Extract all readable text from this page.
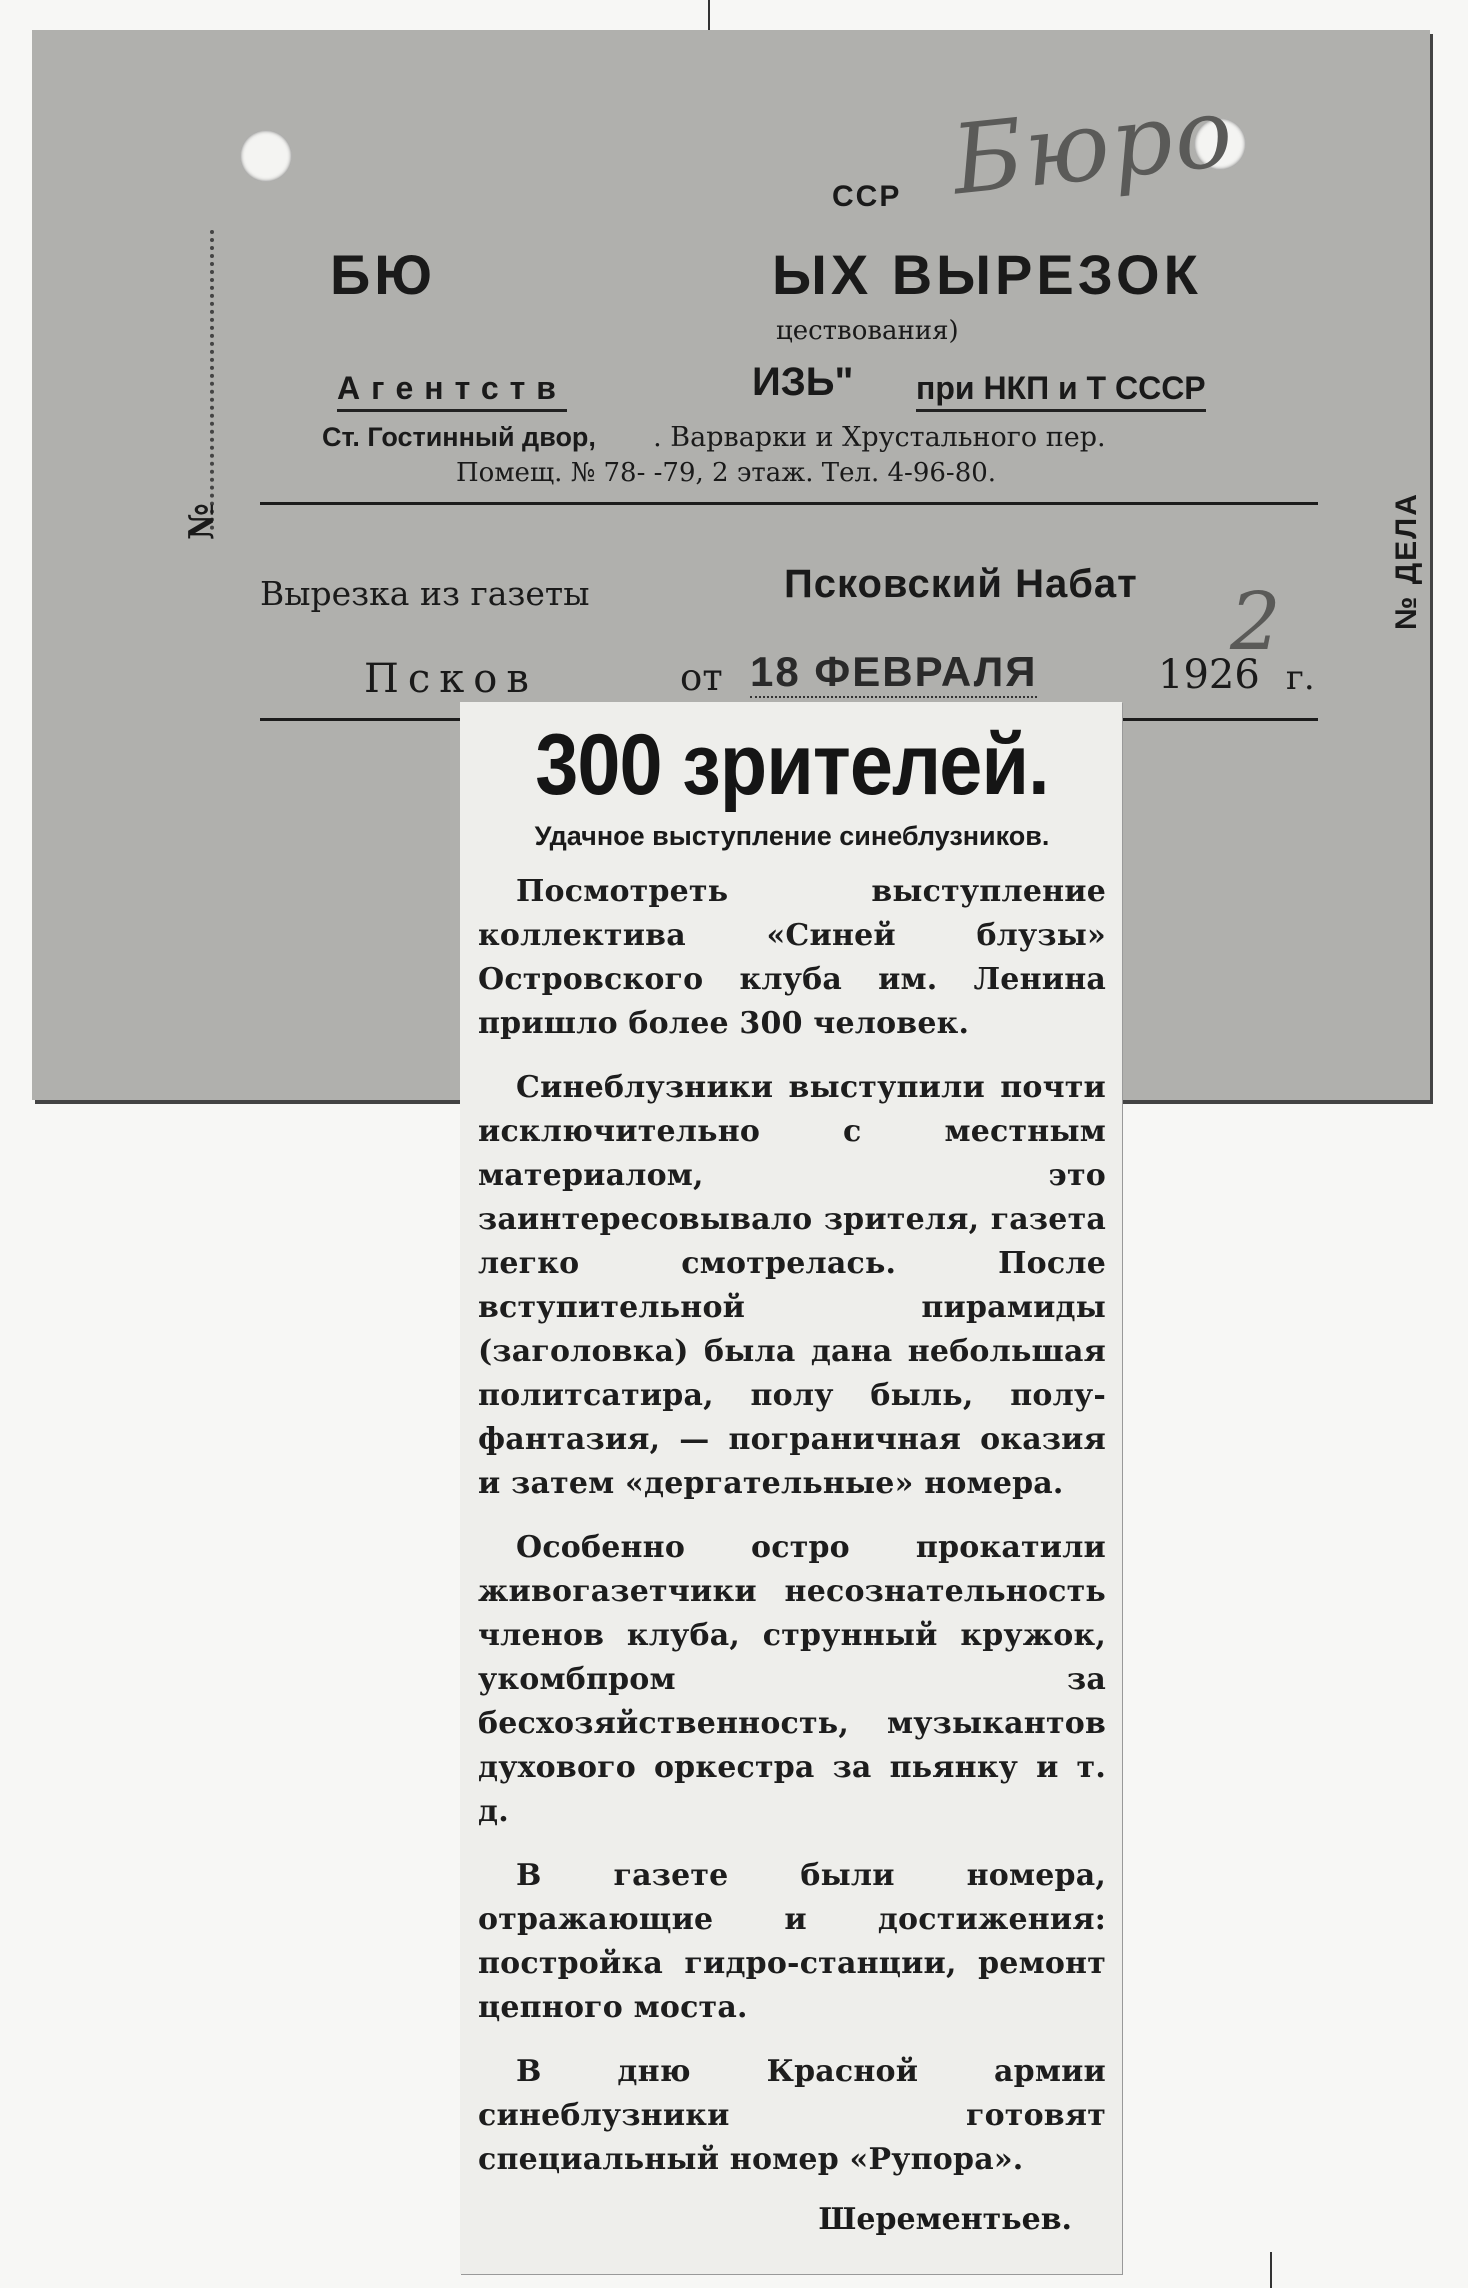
Бюро
2
ССР
БЮ	ЫХ ВЫРЕЗОК
цествования)
Агентств	ИЗЬ" при НКП и Т СССР
Ст. Гостинный двор, . Варварки и Хрустального пер.
Помещ. № 78- -79, 2 этаж. Тел. 4-96-80.
№	№ ДЕЛА
Вырезка из газеты	Псковский Набат
Псков	от 18 ФЕВРАЛЯ	1926 г.
300 зрителей.
Удачное выступление синеблузников.

Посмотреть выступление коллектива «Синей блузы» Островского клуба им. Ленина пришло более 300 человек.

Синеблузники выступили почти исключительно с местным материалом, это заинтересовывало зрителя, газета легко смотрелась. После вступительной пирамиды (заголовка) была дана небольшая политсатира, полу быль, полу-фантазия, — пограничная оказия и затем «дергательные» номера.

Особенно остро прокатили живогазетчики несознательность членов клуба, струнный кружок, укомбпром за бесхозяйственность, музыкантов духового оркестра за пьянку и т. д.

В газете были номера, отражающие и достижения: постройка гидро-станции, ремонт цепного моста.

В дню Красной армии синеблузники готовят специальный номер «Рупора».

Шерементьев.
